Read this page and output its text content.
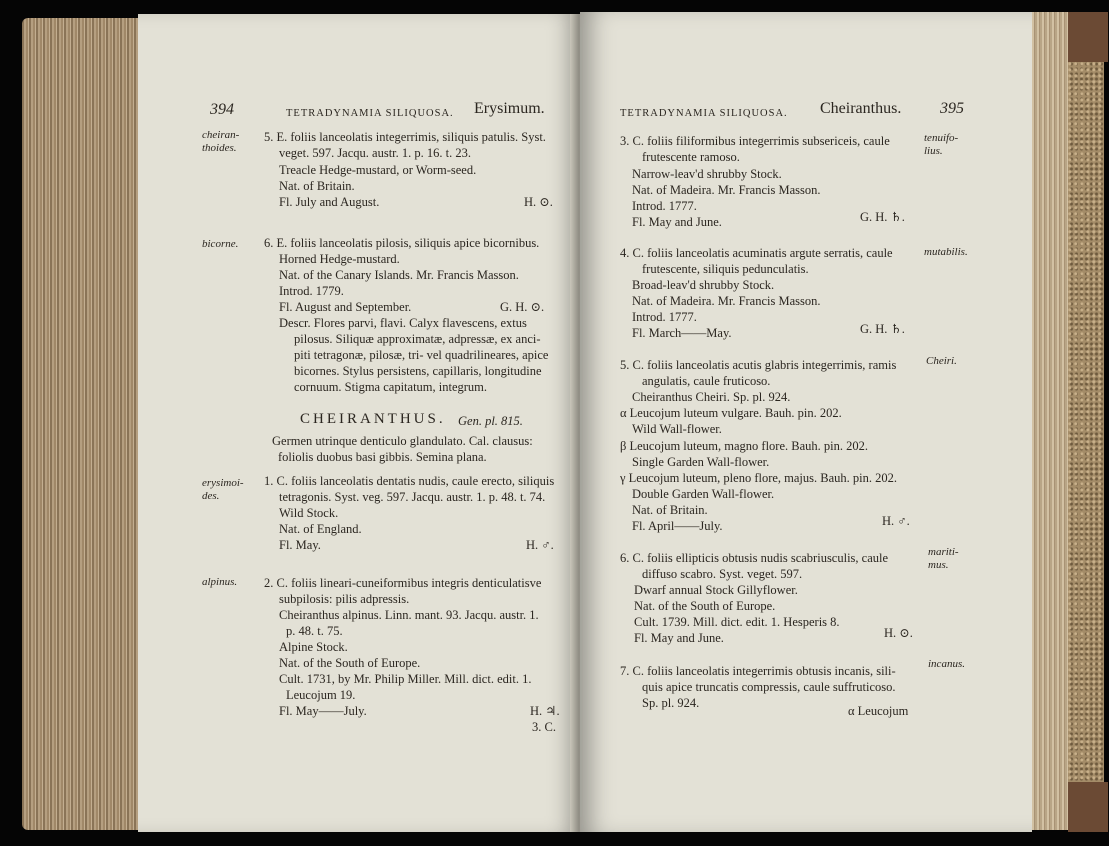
394	TETRADYNAMIA SILIQUOSA. Erysimum.
cheiran-
thoides.
5. E. foliis lanceolatis integerrimis, siliquis patulis. Syst.
veget. 597. Jacqu. austr. 1. p. 16. t. 23.
Treacle Hedge-mustard, or Worm-seed.
Nat. of Britain.
Fl. July and August.	H. ⊙.
bicorne. 6. E. foliis lanceolatis pilosis, siliquis apice bicornibus.
Horned Hedge-mustard.
Nat. of the Canary Islands. Mr. Francis Masson.
Introd. 1779.
Fl. August and September.	G. H. ⊙.
Descr. Flores parvi, flavi. Calyx flavescens, extus
pilosus. Siliquæ approximatæ, adpressæ, ex anci-
piti tetragonæ, pilosæ, tri- vel quadrilineares, apice
bicornes. Stylus persistens, capillaris, longitudine
cornuum. Stigma capitatum, integrum.
CHEIRANTHUS. Gen. pl. 815.
Germen utrinque denticulo glandulato. Cal. clausus:
foliolis duobus basi gibbis. Semina plana.
erysimoi-
des.
1. C. foliis lanceolatis dentatis nudis, caule erecto, siliquis
tetragonis. Syst. veg. 597. Jacqu. austr. 1. p. 48. t. 74.
Wild Stock.
Nat. of England.
Fl. May.	H. ♂.
alpinus. 2. C. foliis lineari-cuneiformibus integris denticulatisve
subpilosis: pilis adpressis.
Cheiranthus alpinus. Linn. mant. 93. Jacqu. austr. 1.
p. 48. t. 75.
Alpine Stock.
Nat. of the South of Europe.
Cult. 1731, by Mr. Philip Miller. Mill. dict. edit. 1.
Leucojum 19.
Fl. May——July.	H. ♃.
3. C.
TETRADYNAMIA SILIQUOSA. Cheiranthus. 395
tenuifo-
lius.
3. C. foliis filiformibus integerrimis subsericeis, caule
frutescente ramoso.
Narrow-leav'd shrubby Stock.
Nat. of Madeira. Mr. Francis Masson.
Introd. 1777.
Fl. May and June.	G. H. ♄.
mutabilis.
4. C. foliis lanceolatis acuminatis argute serratis, caule
frutescente, siliquis pedunculatis.
Broad-leav'd shrubby Stock.
Nat. of Madeira. Mr. Francis Masson.
Introd. 1777.
Fl. March——May.	G. H. ♄.
Cheiri.
5. C. foliis lanceolatis acutis glabris integerrimis, ramis
angulatis, caule fruticoso.
Cheiranthus Cheiri. Sp. pl. 924.
α Leucojum luteum vulgare. Bauh. pin. 202.
Wild Wall-flower.
β Leucojum luteum, magno flore. Bauh. pin. 202.
Single Garden Wall-flower.
γ Leucojum luteum, pleno flore, majus. Bauh. pin. 202.
Double Garden Wall-flower.
Nat. of Britain.
Fl. April——July.	H. ♂.
mariti-
mus.
6. C. foliis ellipticis obtusis nudis scabriusculis, caule
diffuso scabro. Syst. veget. 597.
Dwarf annual Stock Gillyflower.
Nat. of the South of Europe.
Cult. 1739. Mill. dict. edit. 1. Hesperis 8.
Fl. May and June.	H. ⊙.
incanus.
7. C. foliis lanceolatis integerrimis obtusis incanis, sili-
quis apice truncatis compressis, caule suffruticoso.
Sp. pl. 924.
α Leucojum
